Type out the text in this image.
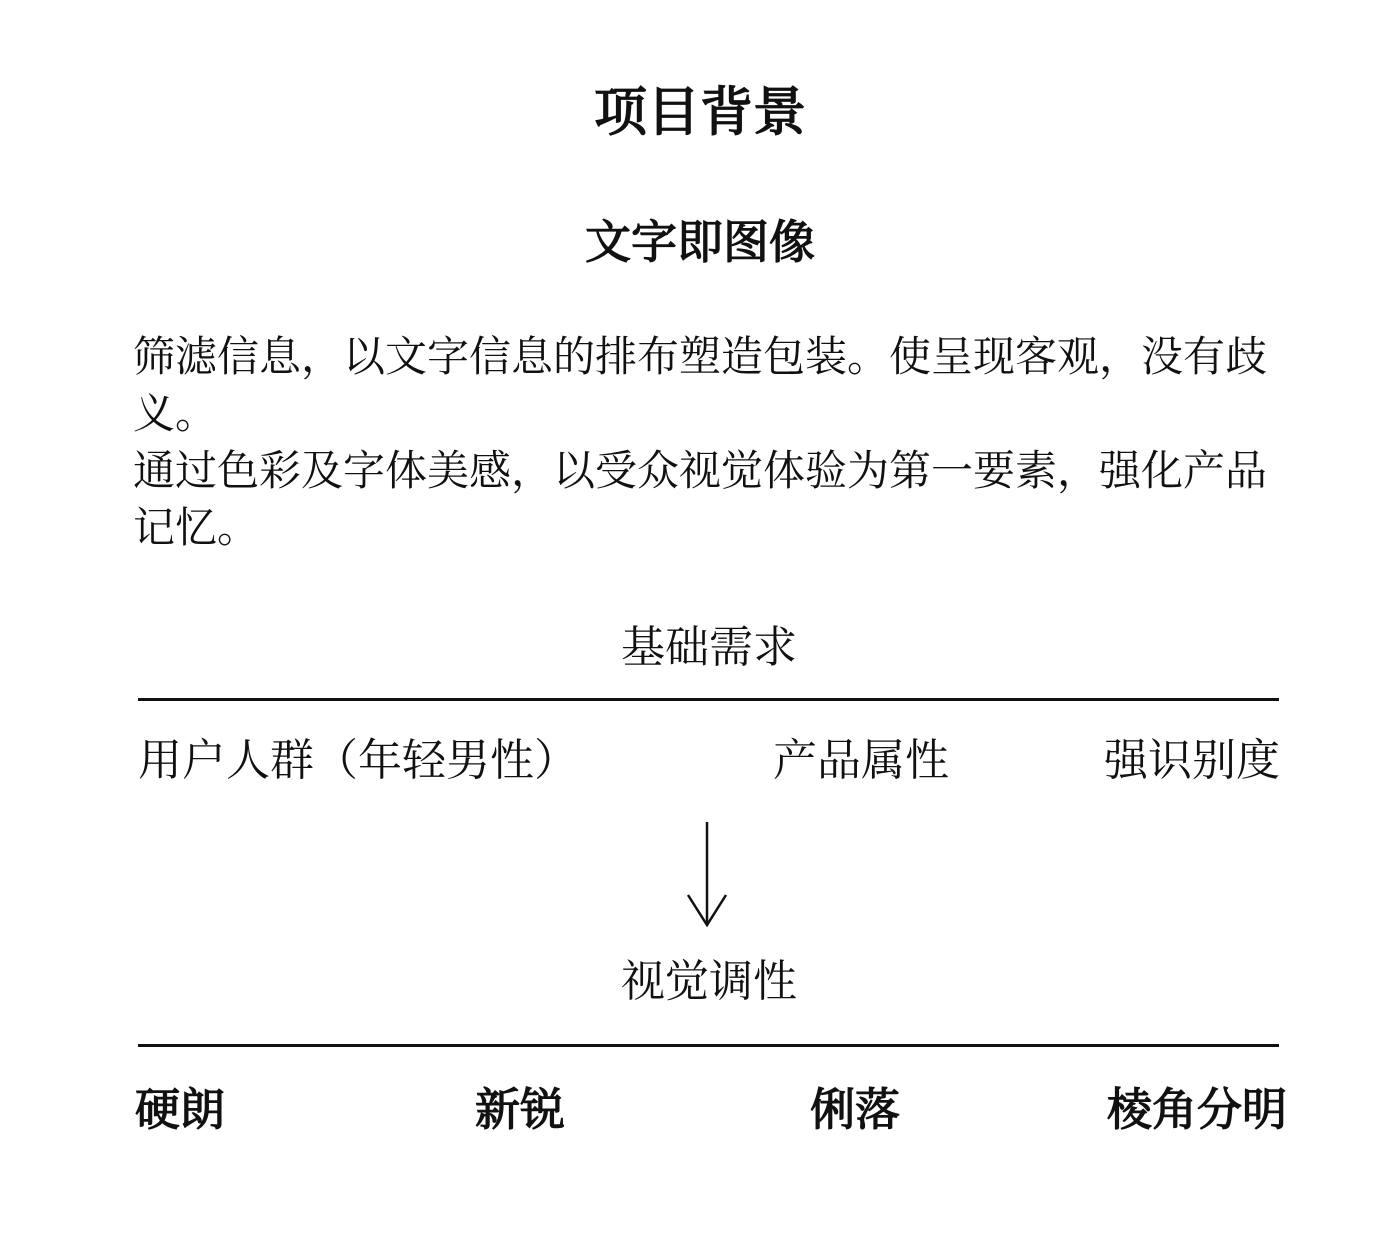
项目背景
文字即图像
筛滤信息，以文字信息的排布塑造包装。使呈现客观，没有歧
义。
通过色彩及字体美感，以受众视觉体验为第一要素，强化产品
记忆。
基础需求
用户人群（年轻男性）	产品属性	强识别度
视觉调性
硬朗	新锐	俐落	棱角分明
